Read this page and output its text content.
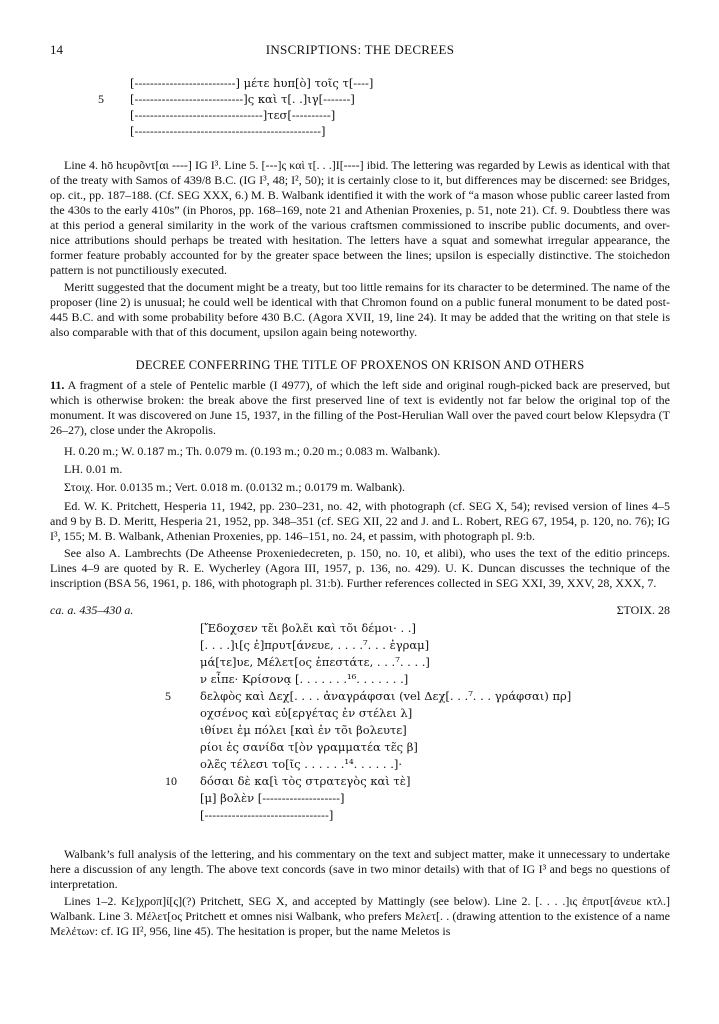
14	INSCRIPTIONS: THE DECREES
[--------------------------] μέτε hυπ[ὸ] τοῖς τ[----]
5 [----------------------------]ς καὶ τ[. .]ιγ[-------]
[---------------------------------]τεσ[----------]
[------------------------------------------------]

Line 4. hō hευρõντ[αι ----] IG I³. Line 5. [---]ς καὶ τ[. . .]I[----] ibid. The lettering was regarded by Lewis as identical with that of the treaty with Samos of 439/8 B.C. (IG I³, 48; I², 50); it is certainly close to it, but differences may be discerned: see Bridges, op. cit., pp. 187–188. (Cf. SEG XXX, 6.) M. B. Walbank identified it with the work of “a mason whose public career lasted from the 430s to the early 410s” (in Phoros, pp. 168–169, note 21 and Athenian Proxenies, p. 51, note 21). Cf. 9. Doubtless there was at this period a general similarity in the work of the various craftsmen commissioned to inscribe public documents, and over-nice attributions should perhaps be treated with hesitation. The letters have a squat and somewhat irregular appearance, the former feature probably accounted for by the greater space between the lines; upsilon is especially distinctive. The stoichedon pattern is not punctiliously executed.

Meritt suggested that the document might be a treaty, but too little remains for its character to be determined. The name of the proposer (line 2) is unusual; he could well be identical with that Chromon found on a public funeral monument to be dated post-445 B.C. and with some probability before 430 B.C. (Agora XVII, 19, line 24). It may be added that the writing on that stele is also comparable with that of this document, upsilon again being noteworthy.

DECREE CONFERRING THE TITLE OF PROXENOS ON KRISON AND OTHERS

11. A fragment of a stele of Pentelic marble (I 4977), of which the left side and original rough-picked back are preserved, but which is otherwise broken: the break above the first preserved line of text is evidently not far below the original top of the monument. It was discovered on June 15, 1937, in the filling of the Post-Herulian Wall over the paved court below Klepsydra (T 26–27), close under the Akropolis.

H. 0.20 m.; W. 0.187 m.; Th. 0.079 m. (0.193 m.; 0.20 m.; 0.083 m. Walbank).
LH. 0.01 m.
Στοιχ. Hor. 0.0135 m.; Vert. 0.018 m. (0.0132 m.; 0.0179 m. Walbank).

Ed. W. K. Pritchett, Hesperia 11, 1942, pp. 230–231, no. 42, with photograph (cf. SEG X, 54); revised version of lines 4–5 and 9 by B. D. Meritt, Hesperia 21, 1952, pp. 348–351 (cf. SEG XII, 22 and J. and L. Robert, REG 67, 1954, p. 120, no. 76); IG I³, 155; M. B. Walbank, Athenian Proxenies, pp. 146–151, no. 24, et passim, with photograph pl. 9:b.

See also A. Lambrechts (De Atheense Proxeniedecreten, p. 150, no. 10, et alibi), who uses the text of the editio princeps. Lines 4–9 are quoted by R. E. Wycherley (Agora III, 1957, p. 136, no. 429). U. K. Duncan discusses the technique of the inscription (BSA 56, 1961, p. 186, with photograph pl. 31:b). Further references collected in SEG XXI, 39, XXV, 28, XXX, 7.

ca. a. 435–430 a.	ΣΤΟΙΧ. 28
[Ἔδοχσεν τε̃ι βολε̃ι καὶ τõι δέμοι· . .]
[. . . .]ι[ς ἐ]πρυτ[άνευε, . . . .⁷. . . ἐγραμ]
μά[τε]υε, Μέλετ[ος ἐπεστάτε, . . .⁷. . . .]
ν εἶπε· Κρίσονα̣ [. . . . . . .¹⁶. . . . . . .]
5	δελφὸς καὶ Δεχ[. . . . ἀναγράφσαι (vel Δεχ[. . .⁷. . . γράφσαι) πρ]
οχσένος καὶ εὐ[εργέτας ἐν στέλει λ]
ιθίνει ἐμ πόλει [καὶ ἐν τõι βολευτε]
ρίοι ἐς σανίδα τ[ὸν γραμματέα τε̃ς β]
ολε̃ς τέλεσι το[ῖς . . . . . .¹⁴. . . . . .]·
10 δόσαι δὲ κα[ὶ τὸς στρατεγὸς καὶ τὲ]
[μ] βολὲν [--------------------]
[--------------------------------]

Walbank’s full analysis of the lettering, and his commentary on the text and subject matter, make it unnecessary to undertake here a discussion of any length. The above text concords (save in two minor details) with that of IG I³ and begs no questions of interpretation.

Lines 1–2. Κε]χροπ]ί[ς](?) Pritchett, SEG X, and accepted by Mattingly (see below). Line 2. [. . . .]ις ἐπρυτ[άνευε κτλ.] Walbank. Line 3. Μέλετ[ος Pritchett et omnes nisi Walbank, who prefers Μελετ[. . (drawing attention to the existence of a name Μελέτων: cf. IG II², 956, line 45). The hesitation is proper, but the name Meletos is
